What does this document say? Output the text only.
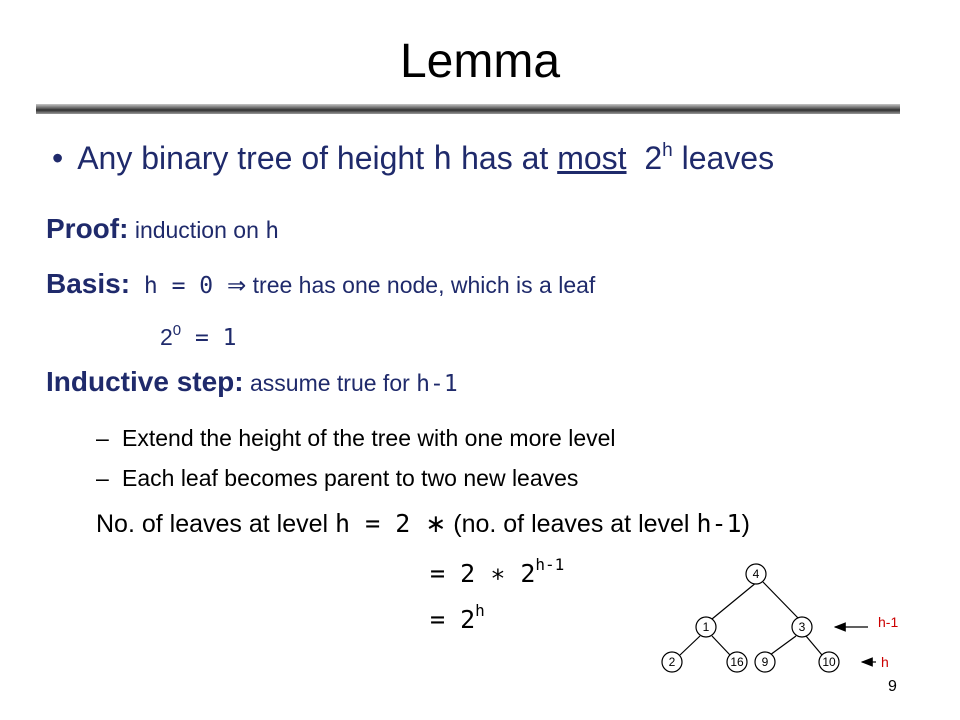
Lemma
• Any binary tree of height h has at most 2$^h$ leaves
Proof: induction on h
Basis: h = 0 ⇒ tree has one node, which is a leaf
$2^0 = 1$
Inductive step: assume true for h-1
– Extend the height of the tree with one more level
– Each leaf becomes parent to two new leaves
No. of leaves at level h = 2 ∗ (no. of leaves at level h-1)
= 2 ∗ $2^{h-1}$
= $2^h$
4
1	3
2	16 9	10
h-1
h
9
